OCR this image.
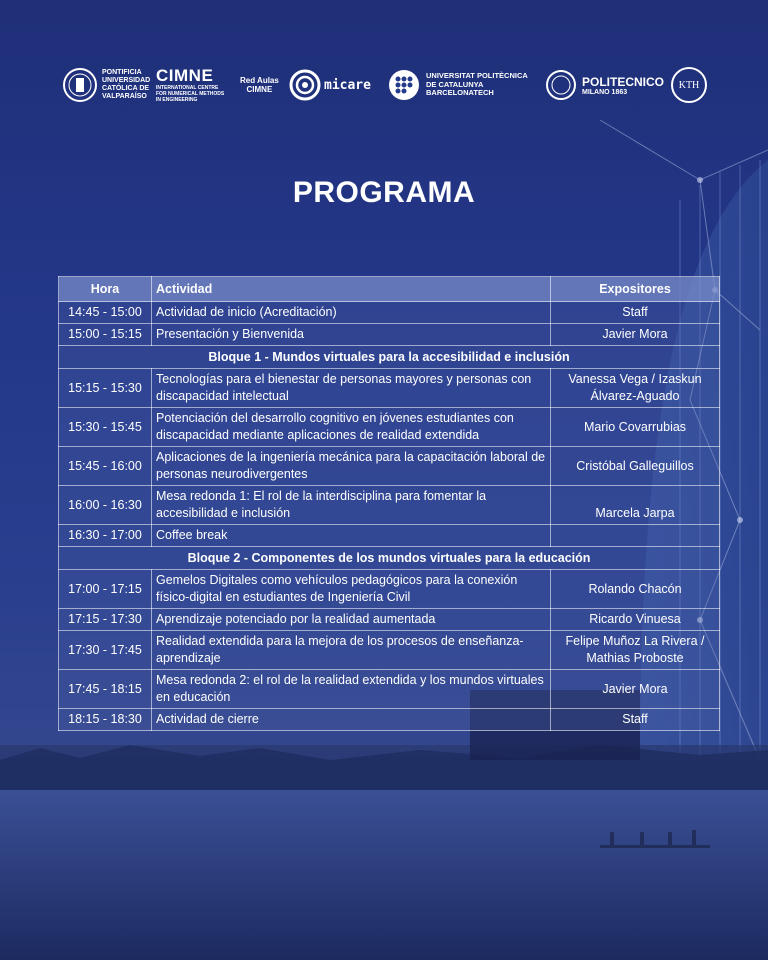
PONTIFICIA
UNIVERSIDAD
CATÓLICA DE
VALPARAÍSO
CIMNE
INTERNATIONAL CENTRE
FOR NUMERICAL METHODS
IN ENGINEERING
Red Aulas
CIMNE	micare
UNIVERSITAT POLITÈCNICA
DE CATALUNYA
BARCELONATECH
POLITECNICO
MILANO 1863
KTH
PROGRAMA
Hora	Actividad	Expositores
14:45 - 15:00	Actividad de inicio (Acreditación)	Staff
15:00 - 15:15	Presentación y Bienvenida	Javier Mora
Bloque 1 - Mundos virtuales para la accesibilidad e inclusión		
15:15 - 15:30	Tecnologías para el bienestar de personas mayores y personas con discapacidad intelectual	Vanessa Vega / Izaskun Álvarez-Aguado
15:30 - 15:45	Potenciación del desarrollo cognitivo en jóvenes estudiantes con discapacidad mediante aplicaciones de realidad extendida	Mario Covarrubias
15:45 - 16:00	Aplicaciones de la ingeniería mecánica para la capacitación laboral de personas neurodivergentes	Cristóbal Galleguillos
16:00 - 16:30	Mesa redonda 1: El rol de la interdisciplina para fomentar la accesibilidad e inclusión	Marcela Jarpa
16:30 - 17:00	Coffee break	
Bloque 2 - Componentes de los mundos virtuales para la educación		
17:00 - 17:15	Gemelos Digitales como vehículos pedagógicos para la conexión físico-digital en estudiantes de Ingeniería Civil	Rolando Chacón
17:15 - 17:30	Aprendizaje potenciado por la realidad aumentada	Ricardo Vinuesa
17:30 - 17:45	Realidad extendida para la mejora de los procesos de enseñanza-aprendizaje	Felipe Muñoz La Rivera / Mathias Proboste
17:45 - 18:15	Mesa redonda 2: el rol de la realidad extendida y los mundos virtuales en educación	Javier Mora
18:15 - 18:30	Actividad de cierre	Staff
